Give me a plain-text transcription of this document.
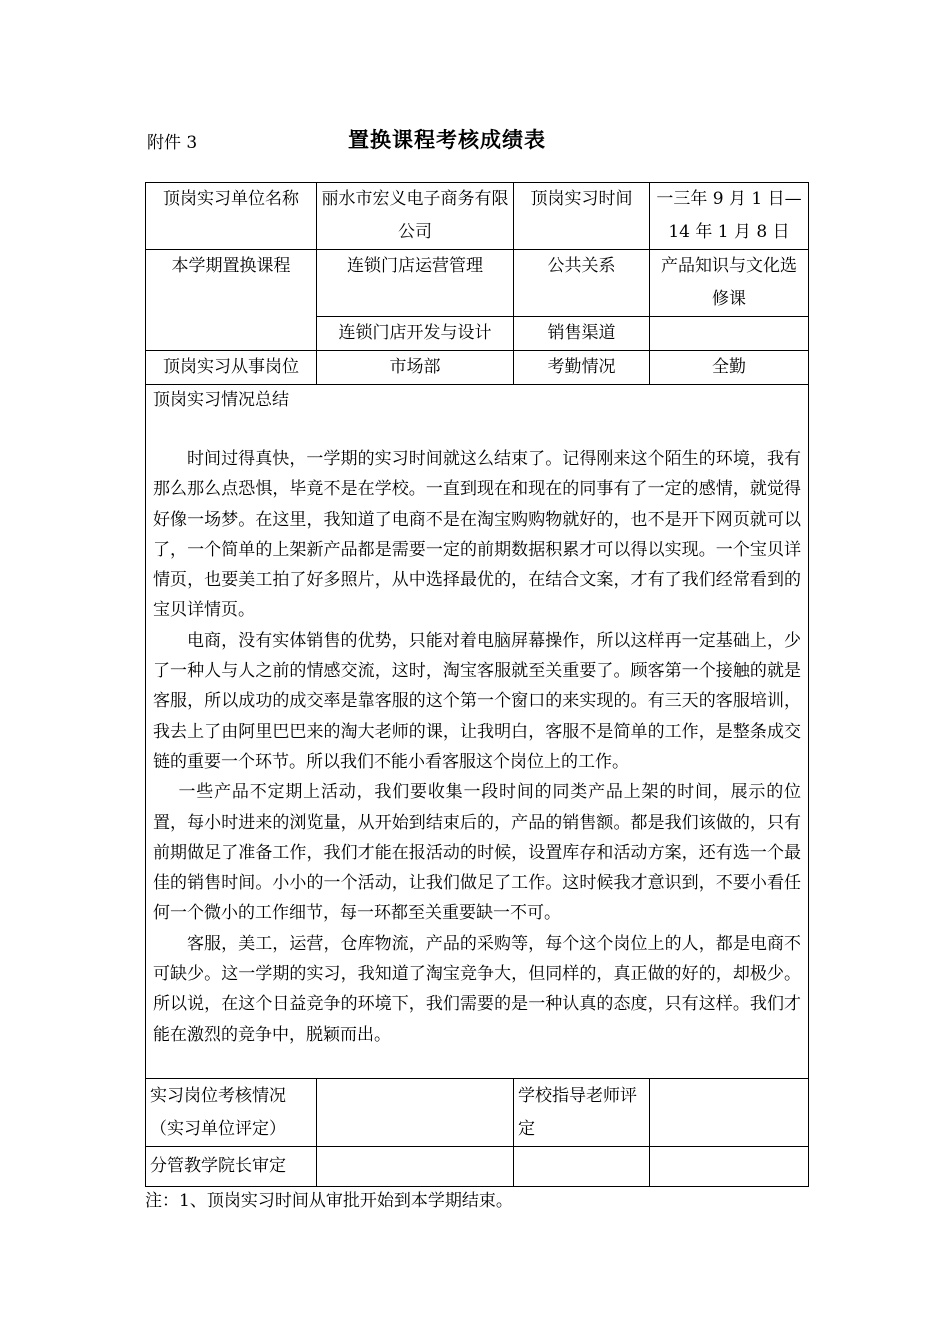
附件 3	置换课程考核成绩表
顶岗实习单位名称	丽水市宏义电子商务有限公司	顶岗实习时间	一三年 9 月 1 日—14 年 1 月 8 日
本学期置换课程	连锁门店运营管理	公共关系	产品知识与文化选修课
	连锁门店开发与设计	销售渠道	
顶岗实习从事岗位	市场部	考勤情况	全勤

顶岗实习情况总结

时间过得真快，一学期的实习时间就这么结束了。记得刚来这个陌生的环境，我有那么那么点恐惧，毕竟不是在学校。一直到现在和现在的同事有了一定的感情，就觉得好像一场梦。在这里，我知道了电商不是在淘宝购购物就好的，也不是开下网页就可以了，一个简单的上架新产品都是需要一定的前期数据积累才可以得以实现。一个宝贝详情页，也要美工拍了好多照片，从中选择最优的，在结合文案，才有了我们经常看到的宝贝详情页。

电商，没有实体销售的优势，只能对着电脑屏幕操作，所以这样再一定基础上，少了一种人与人之前的情感交流，这时，淘宝客服就至关重要了。顾客第一个接触的就是客服，所以成功的成交率是靠客服的这个第一个窗口的来实现的。有三天的客服培训，我去上了由阿里巴巴来的淘大老师的课，让我明白，客服不是简单的工作，是整条成交链的重要一个环节。所以我们不能小看客服这个岗位上的工作。

一些产品不定期上活动，我们要收集一段时间的同类产品上架的时间，展示的位置，每小时进来的浏览量，从开始到结束后的，产品的销售额。都是我们该做的，只有前期做足了准备工作，我们才能在报活动的时候，设置库存和活动方案，还有选一个最佳的销售时间。小小的一个活动，让我们做足了工作。这时候我才意识到，不要小看任何一个微小的工作细节，每一环都至关重要缺一不可。

客服，美工，运营，仓库物流，产品的采购等，每个这个岗位上的人，都是电商不可缺少。这一学期的实习，我知道了淘宝竞争大，但同样的，真正做的好的，却极少。所以说，在这个日益竞争的环境下，我们需要的是一种认真的态度，只有这样。我们才能在激烈的竞争中，脱颖而出。			

实习岗位考核情况（实习单位评定）		学校指导老师评定	
分管教学院长审定			
注：1、顶岗实习时间从审批开始到本学期结束。
